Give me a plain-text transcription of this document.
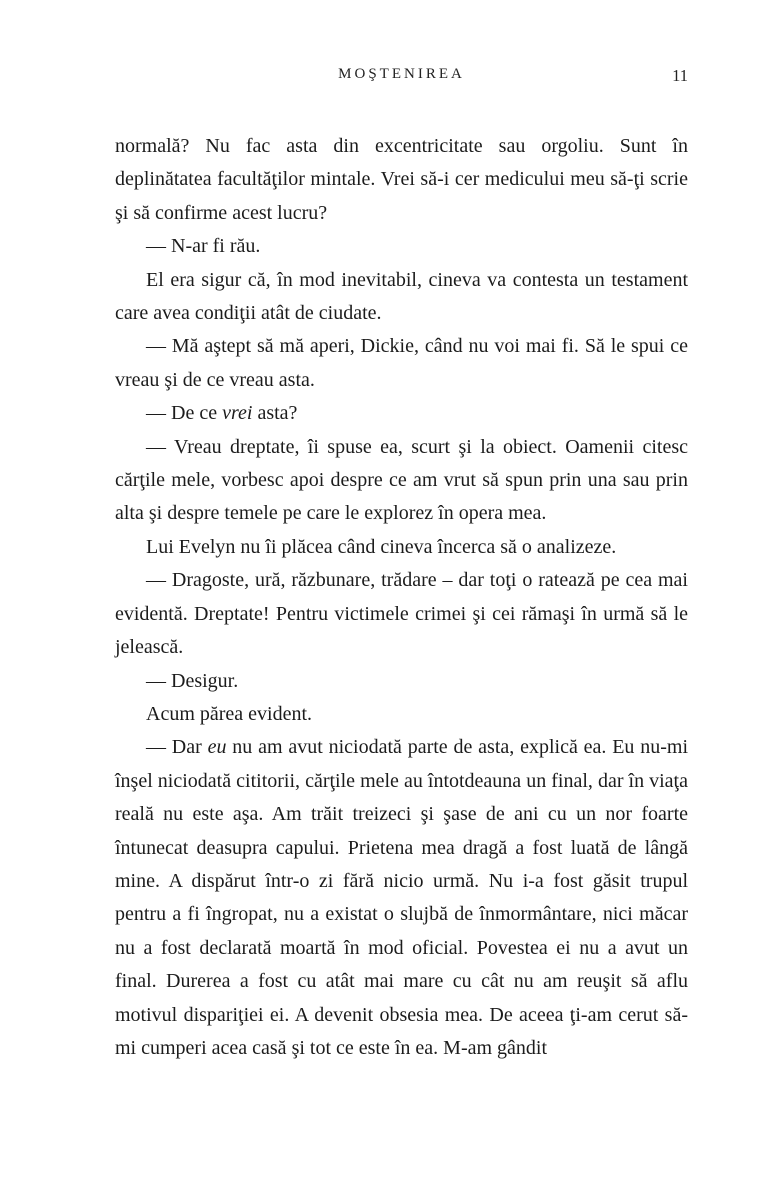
MOŞTENIREA	11

normală? Nu fac asta din excentricitate sau orgoliu. Sunt în deplinătatea facultăţilor mintale. Vrei să-i cer medicului meu să-ţi scrie şi să confirme acest lucru?

— N-ar fi rău.

El era sigur că, în mod inevitabil, cineva va contesta un testament care avea condiţii atât de ciudate.

— Mă aştept să mă aperi, Dickie, când nu voi mai fi. Să le spui ce vreau şi de ce vreau asta.

— De ce vrei asta?

— Vreau dreptate, îi spuse ea, scurt şi la obiect. Oamenii citesc cărţile mele, vorbesc apoi despre ce am vrut să spun prin una sau prin alta şi despre temele pe care le explorez în opera mea.

Lui Evelyn nu îi plăcea când cineva încerca să o analizeze.

— Dragoste, ură, răzbunare, trădare – dar toţi o ratează pe cea mai evidentă. Dreptate! Pentru victimele crimei şi cei rămaşi în urmă să le jelească.

— Desigur.

Acum părea evident.

— Dar eu nu am avut niciodată parte de asta, explică ea. Eu nu-mi înşel niciodată cititorii, cărţile mele au întotdeauna un final, dar în viaţa reală nu este aşa. Am trăit treizeci şi şase de ani cu un nor foarte întunecat deasupra capului. Prietena mea dragă a fost luată de lângă mine. A dispărut într-o zi fără nicio urmă. Nu i-a fost găsit trupul pentru a fi îngropat, nu a existat o slujbă de înmormântare, nici măcar nu a fost declarată moartă în mod oficial. Povestea ei nu a avut un final. Durerea a fost cu atât mai mare cu cât nu am reuşit să aflu motivul dispariţiei ei. A devenit obsesia mea. De aceea ţi-am cerut să-mi cumperi acea casă şi tot ce este în ea. M-am gândit
